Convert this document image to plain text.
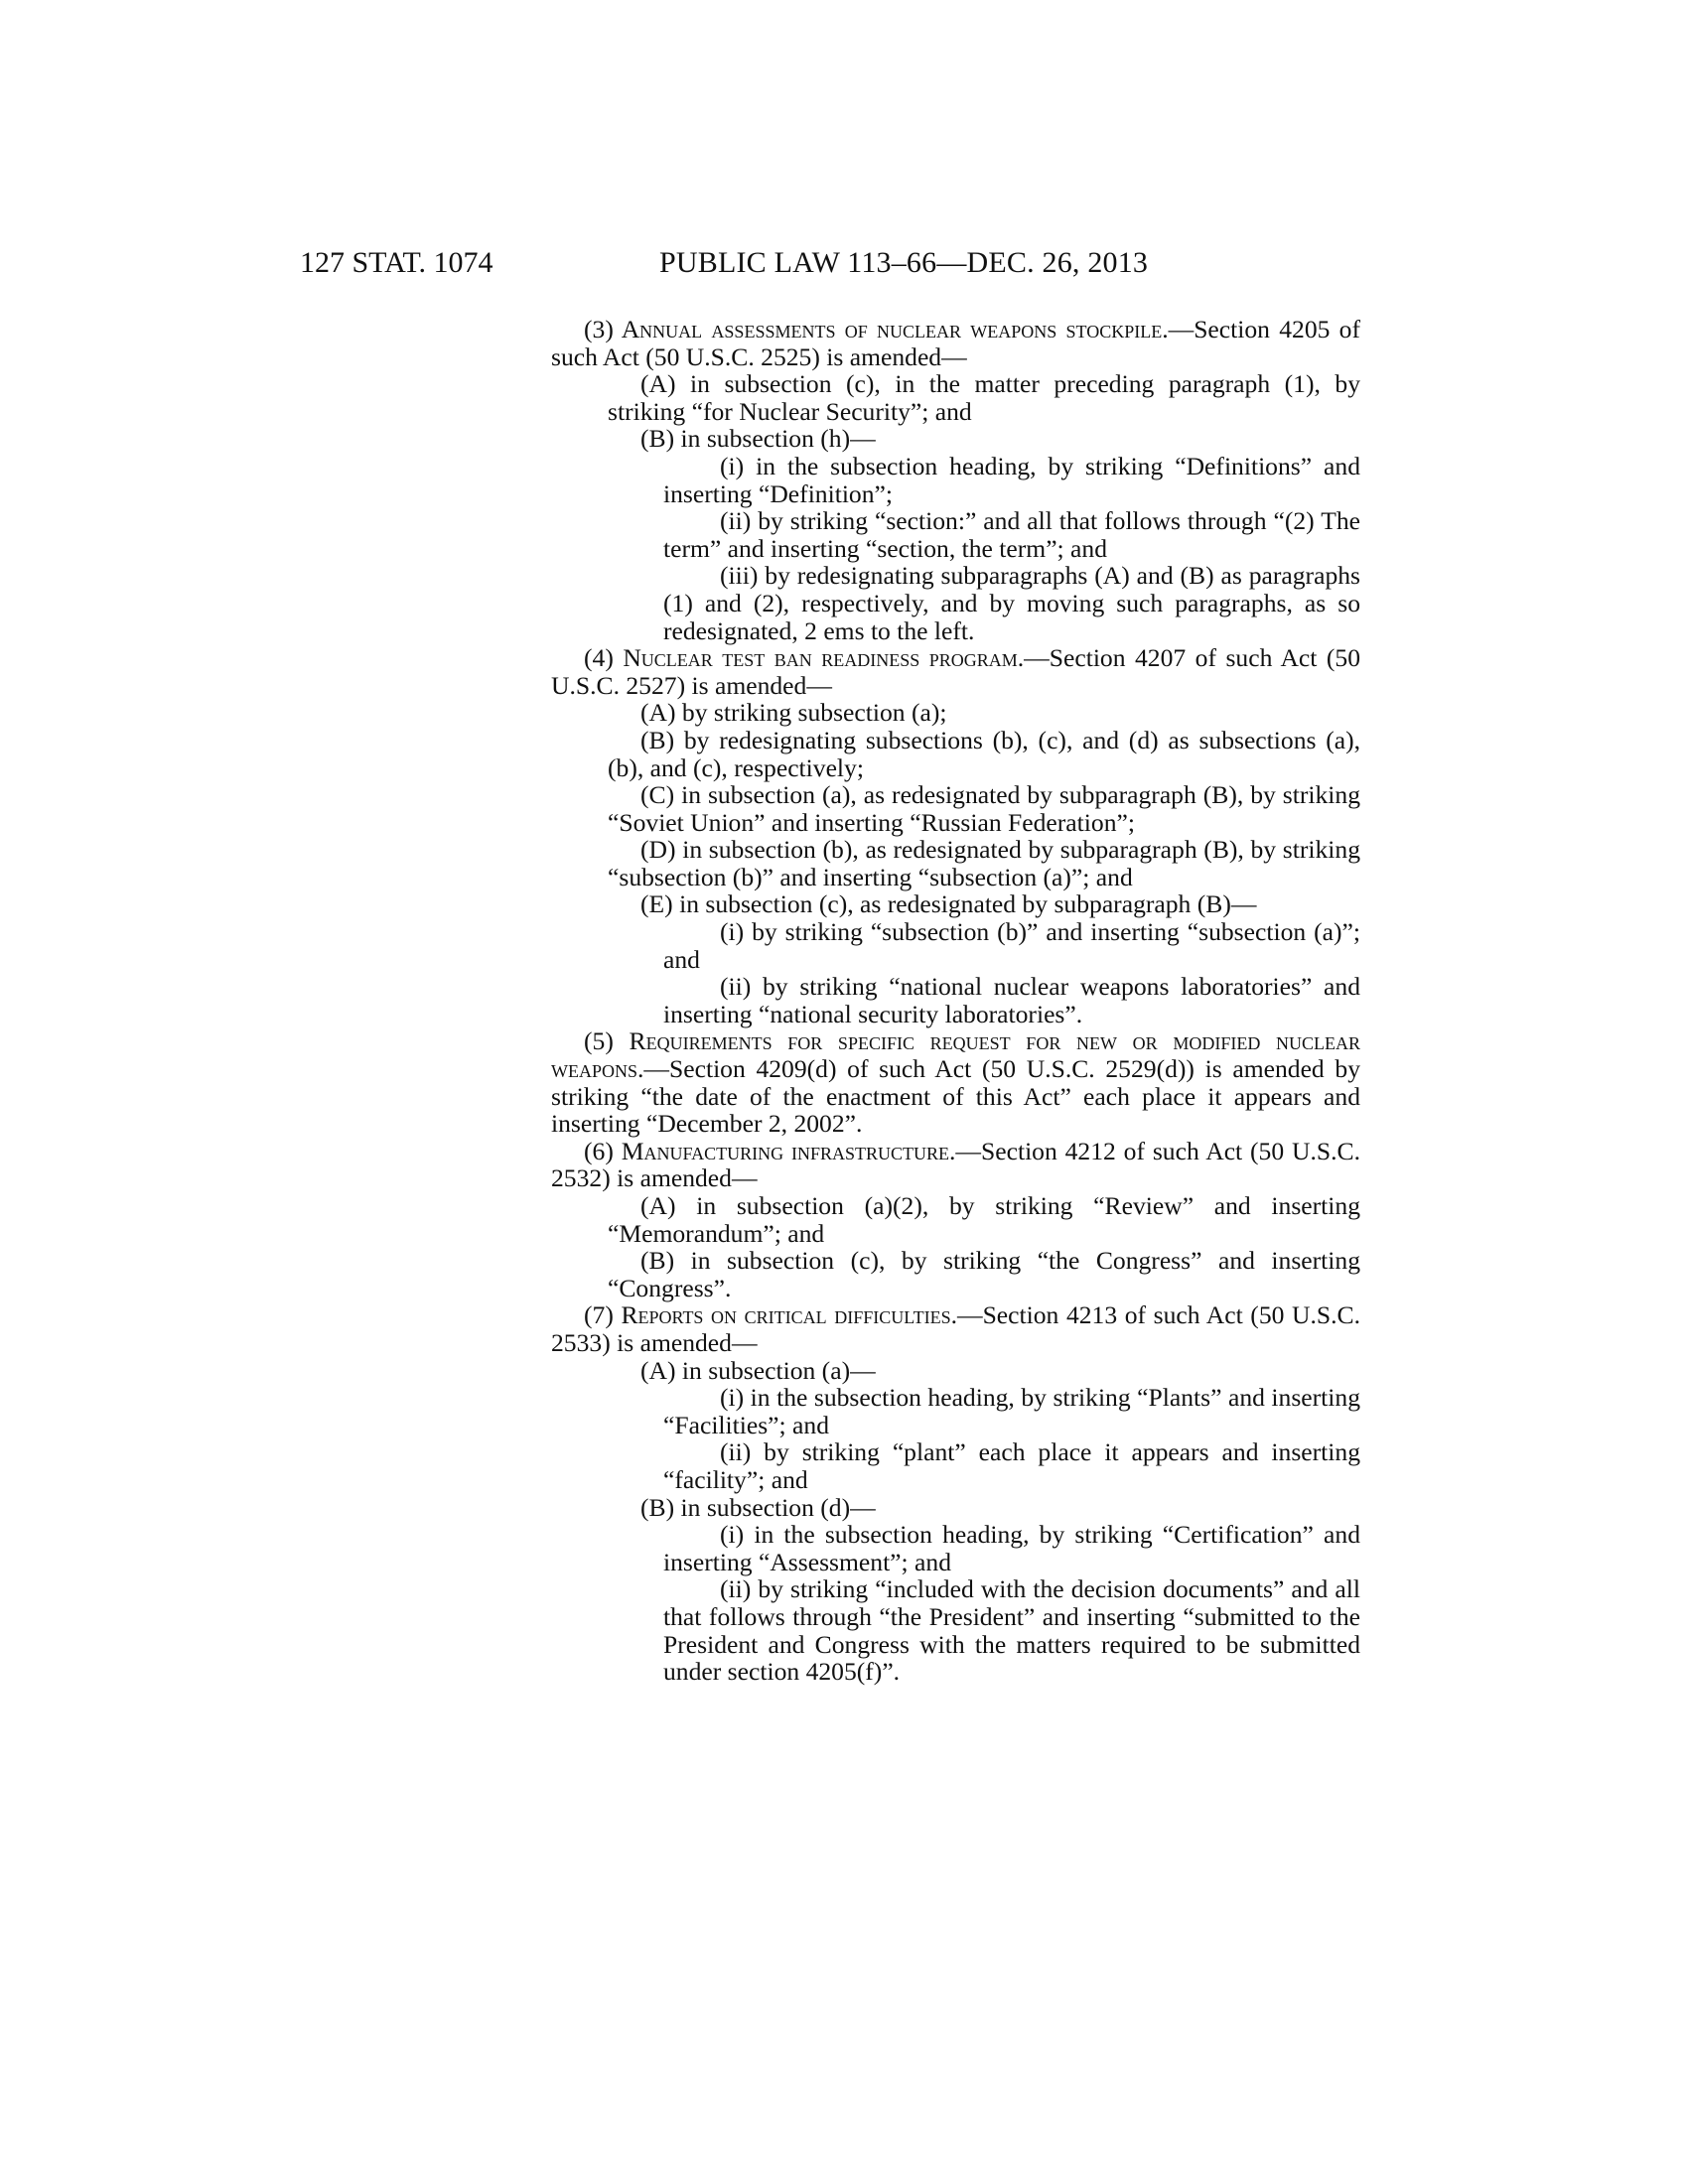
127 STAT. 1074	PUBLIC LAW 113–66—DEC. 26, 2013

(3) Annual assessments of nuclear weapons stockpile.—Section 4205 of such Act (50 U.S.C. 2525) is amended—

(A) in subsection (c), in the matter preceding paragraph (1), by striking “for Nuclear Security”; and

(B) in subsection (h)—

(i) in the subsection heading, by striking “Definitions” and inserting “Definition”;

(ii) by striking “section:” and all that follows through “(2) The term” and inserting “section, the term”; and

(iii) by redesignating subparagraphs (A) and (B) as paragraphs (1) and (2), respectively, and by moving such paragraphs, as so redesignated, 2 ems to the left.

(4) Nuclear test ban readiness program.—Section 4207 of such Act (50 U.S.C. 2527) is amended—

(A) by striking subsection (a);

(B) by redesignating subsections (b), (c), and (d) as subsections (a), (b), and (c), respectively;

(C) in subsection (a), as redesignated by subparagraph (B), by striking “Soviet Union” and inserting “Russian Federation”;

(D) in subsection (b), as redesignated by subparagraph (B), by striking “subsection (b)” and inserting “subsection (a)”; and

(E) in subsection (c), as redesignated by subparagraph (B)—

(i) by striking “subsection (b)” and inserting “subsection (a)”; and

(ii) by striking “national nuclear weapons laboratories” and inserting “national security laboratories”.

(5) Requirements for specific request for new or modified nuclear weapons.—Section 4209(d) of such Act (50 U.S.C. 2529(d)) is amended by striking “the date of the enactment of this Act” each place it appears and inserting “December 2, 2002”.

(6) Manufacturing infrastructure.—Section 4212 of such Act (50 U.S.C. 2532) is amended—

(A) in subsection (a)(2), by striking “Review” and inserting “Memorandum”; and

(B) in subsection (c), by striking “the Congress” and inserting “Congress”.

(7) Reports on critical difficulties.—Section 4213 of such Act (50 U.S.C. 2533) is amended—

(A) in subsection (a)—

(i) in the subsection heading, by striking “Plants” and inserting “Facilities”; and

(ii) by striking “plant” each place it appears and inserting “facility”; and

(B) in subsection (d)—

(i) in the subsection heading, by striking “Certification” and inserting “Assessment”; and

(ii) by striking “included with the decision documents” and all that follows through “the President” and inserting “submitted to the President and Congress with the matters required to be submitted under section 4205(f)”.
